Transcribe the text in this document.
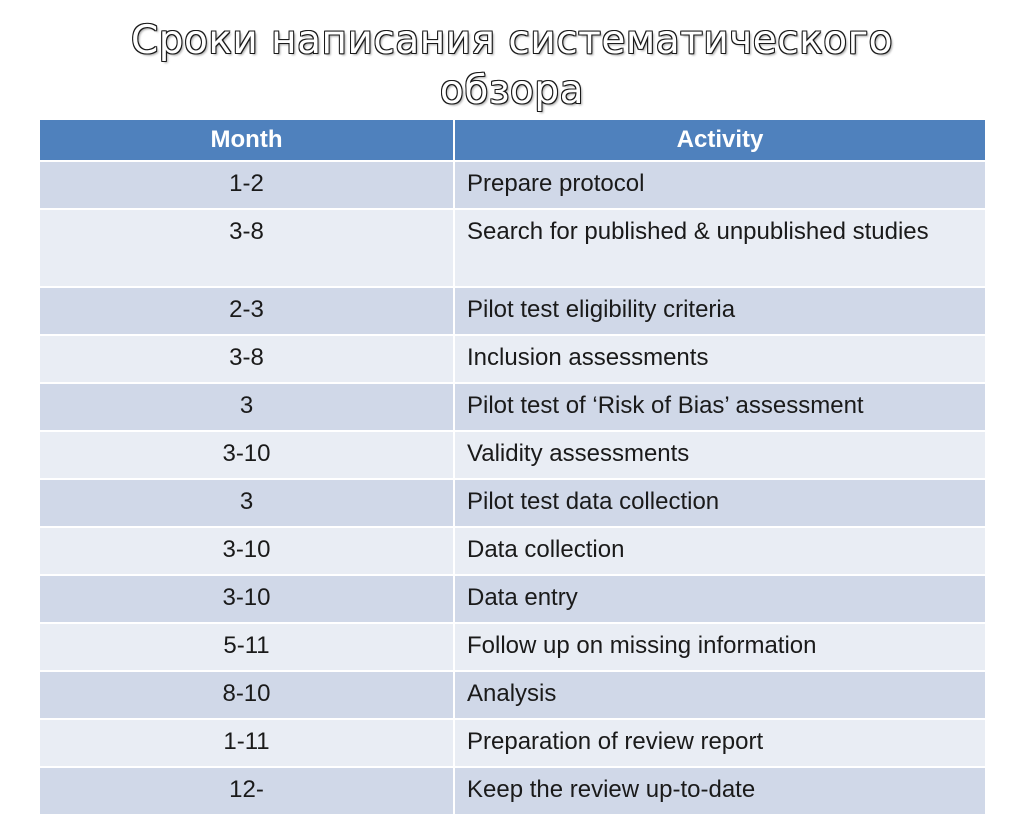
Сроки написания систематического
обзора
Month	Activity
1-2	Prepare protocol
3-8	Search for published & unpublished studies
2-3	Pilot test eligibility criteria
3-8	Inclusion assessments
3	Pilot test of ‘Risk of Bias’ assessment
3-10	Validity assessments
3	Pilot test data collection
3-10	Data collection
3-10	Data entry
5-11	Follow up on missing information
8-10	Analysis
1-11	Preparation of review report
12-	Keep the review up-to-date
